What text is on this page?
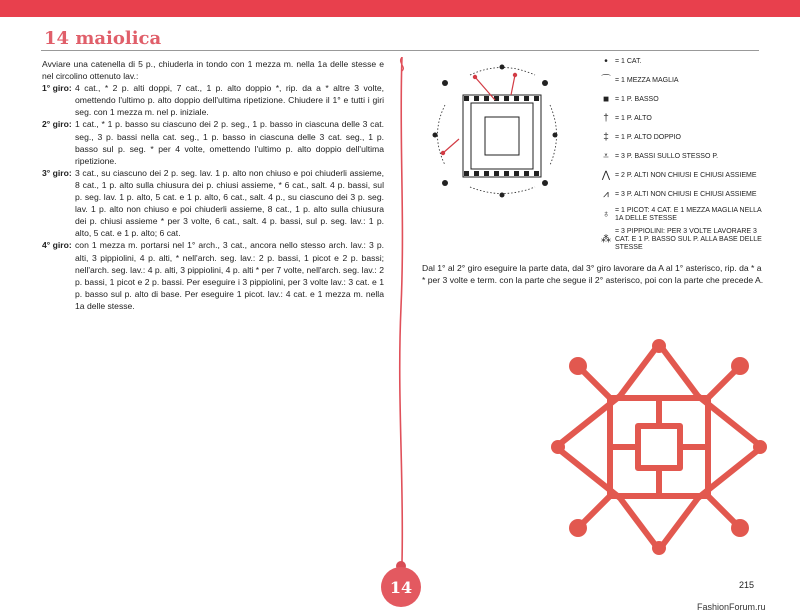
14 maiolica

Avviare una catenella di 5 p., chiuderla in tondo con 1 mezza m. nella 1a delle stesse e nel circolino ottenuto lav.:

1° giro: 4 cat., * 2 p. alti doppi, 7 cat., 1 p. alto doppio *, rip. da a * altre 3 volte, omettendo l'ultimo p. alto doppio dell'ultima ripetizione. Chiudere il 1° e tutti i giri seg. con 1 mezza m. nel p. iniziale.
2° giro: 1 cat., * 1 p. basso su ciascuno dei 2 p. seg., 1 p. basso in ciascuna delle 3 cat. seg., 3 p. bassi nella cat. seg., 1 p. basso in ciascuna delle 3 cat. seg., 1 p. basso sul p. seg. * per 4 volte, omettendo l'ultimo p. alto doppio dell'ultima ripetizione.
3° giro: 3 cat., su ciascuno dei 2 p. seg. lav. 1 p. alto non chiuso e poi chiuderli assieme, 8 cat., 1 p. alto sulla chiusura dei p. chiusi assieme, * 6 cat., salt. 4 p. bassi, sul p. seg. lav. 1 p. alto, 5 cat. e 1 p. alto, 6 cat., salt. 4 p., su ciascuno dei 3 p. seg. lav. 1 p. alto non chiuso e poi chiuderli assieme, 8 cat., 1 p. alto sulla chiusura dei p. chiusi assieme * per 3 volte, 6 cat., salt. 4 p. bassi, sul p. seg. lav.: 1 p. alto, 5 cat. e 1 p. alto; 6 cat.
4° giro: con 1 mezza m. portarsi nel 1° arch., 3 cat., ancora nello stesso arch. lav.: 3 p. alti, 3 pippiolini, 4 p. alti, * nell'arch. seg. lav.: 2 p. bassi, 1 picot e 2 p. bassi; nell'arch. seg. lav.: 4 p. alti, 3 pippiolini, 4 p. alti * per 7 volte, nell'arch. seg. lav.: 2 p. bassi, 1 picot e 2 p. bassi. Per eseguire i 3 pippiolini, per 3 volte lav.: 3 cat. e 1 p. basso sul p. alto di base. Per eseguire 1 picot. lav.: 4 cat. e 1 mezza m. nella 1a delle stesse.
14
•	= 1 CAT.
⌒ = 1 MEZZA MAGLIA
■ = 1 P. BASSO
† = 1 P. ALTO
‡ = 1 P. ALTO DOPPIO
⩡ = 3 P. BASSI SULLO STESSO P.
⋀ = 2 P. ALTI NON CHIUSI E CHIUSI ASSIEME
⩘ = 3 P. ALTI NON CHIUSI E CHIUSI ASSIEME
♁ = 1 PICOT: 4 CAT. E 1 MEZZA MAGLIA NELLA 1A DELLE STESSE
⁂
= 3 PIPPIOLINI: PER 3 VOLTE LAVORARE 3 CAT. E 1 P. BASSO SUL P. ALLA BASE DELLE STESSE
Dal 1° al 2° giro eseguire la parte data, dal 3° giro lavorare da A al 1° asterisco, rip. da * a * per 3 volte e term. con la parte che segue il 2° asterisco, poi con la parte che precede A.
215
FashionForum.ru
